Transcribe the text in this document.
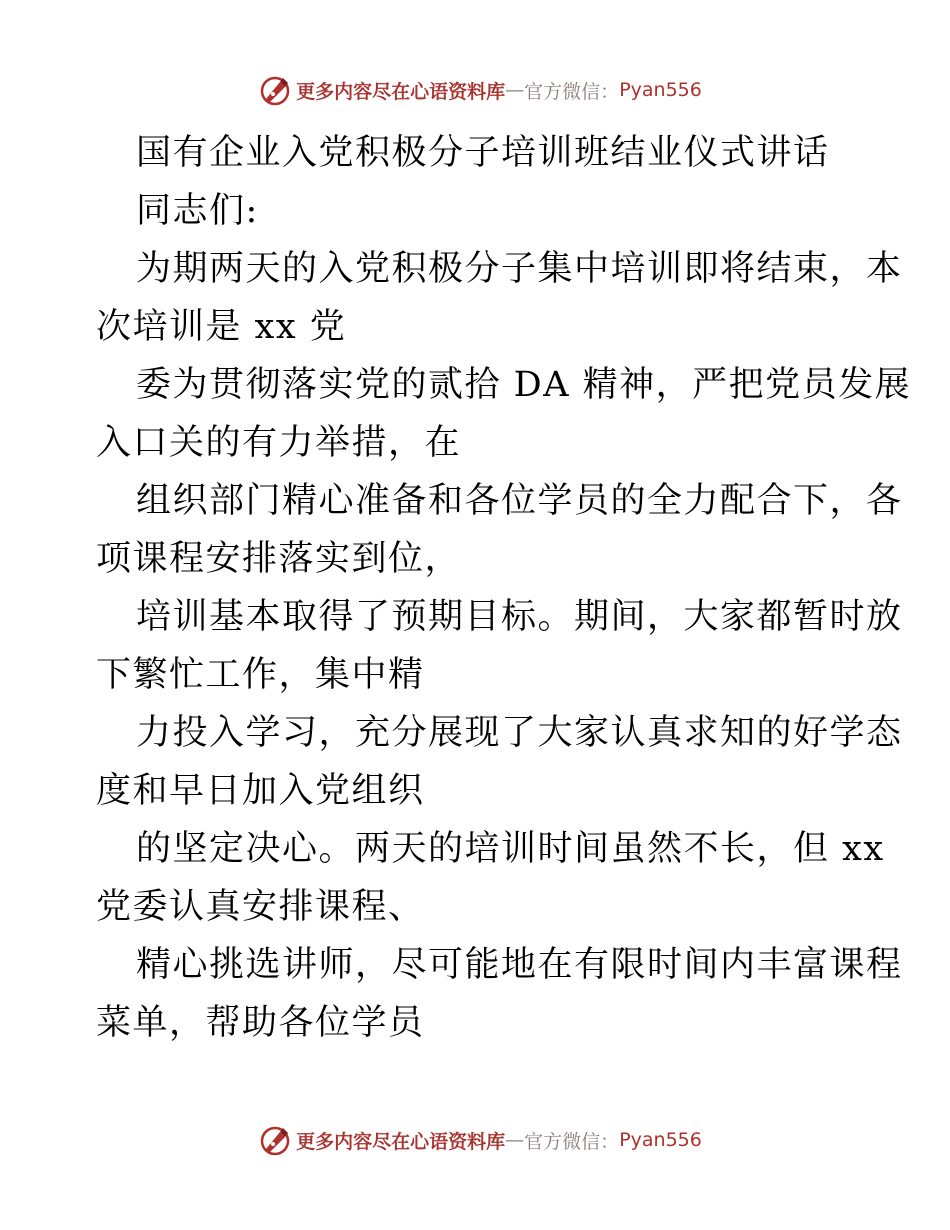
更多内容尽在心语资料库 — 官方微信： Pyan556
国有企业入党积极分子培训班结业仪式讲话
同志们:
为期两天的入党积极分子集中培训即将结束，本
次培训是 xx 党
委为贯彻落实党的贰拾 DA 精神，严把党员发展
入口关的有力举措，在
组织部门精心准备和各位学员的全力配合下，各
项课程安排落实到位，
培训基本取得了预期目标。期间，大家都暂时放
下繁忙工作，集中精
力投入学习，充分展现了大家认真求知的好学态
度和早日加入党组织
的坚定决心。两天的培训时间虽然不长，但 xx
党委认真安排课程、
精心挑选讲师，尽可能地在有限时间内丰富课程
菜单，帮助各位学员
更多内容尽在心语资料库 — 官方微信： Pyan556
